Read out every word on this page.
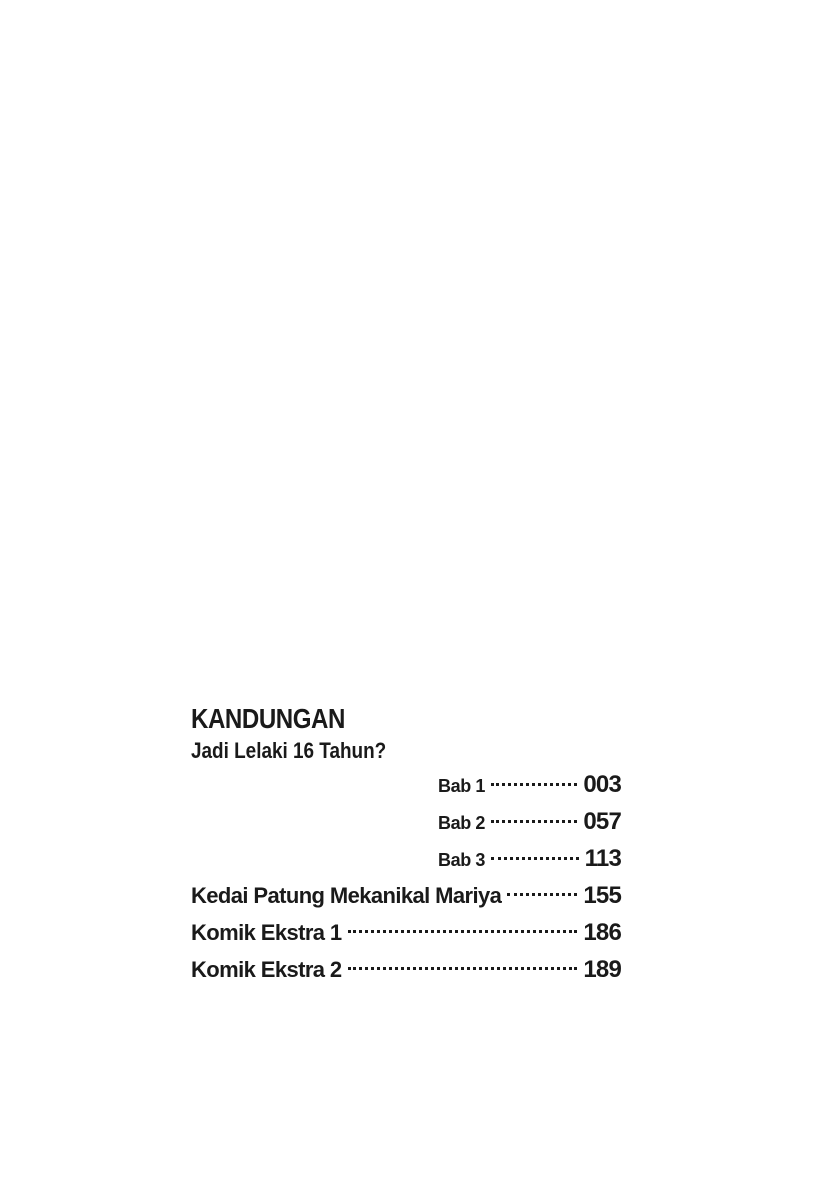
KANDUNGAN
Jadi Lelaki 16 Tahun?
Bab 1	003
Bab 2	057
Bab 3	113
Kedai Patung Mekanikal Mariya	155
Komik Ekstra 1	186
Komik Ekstra 2	189
